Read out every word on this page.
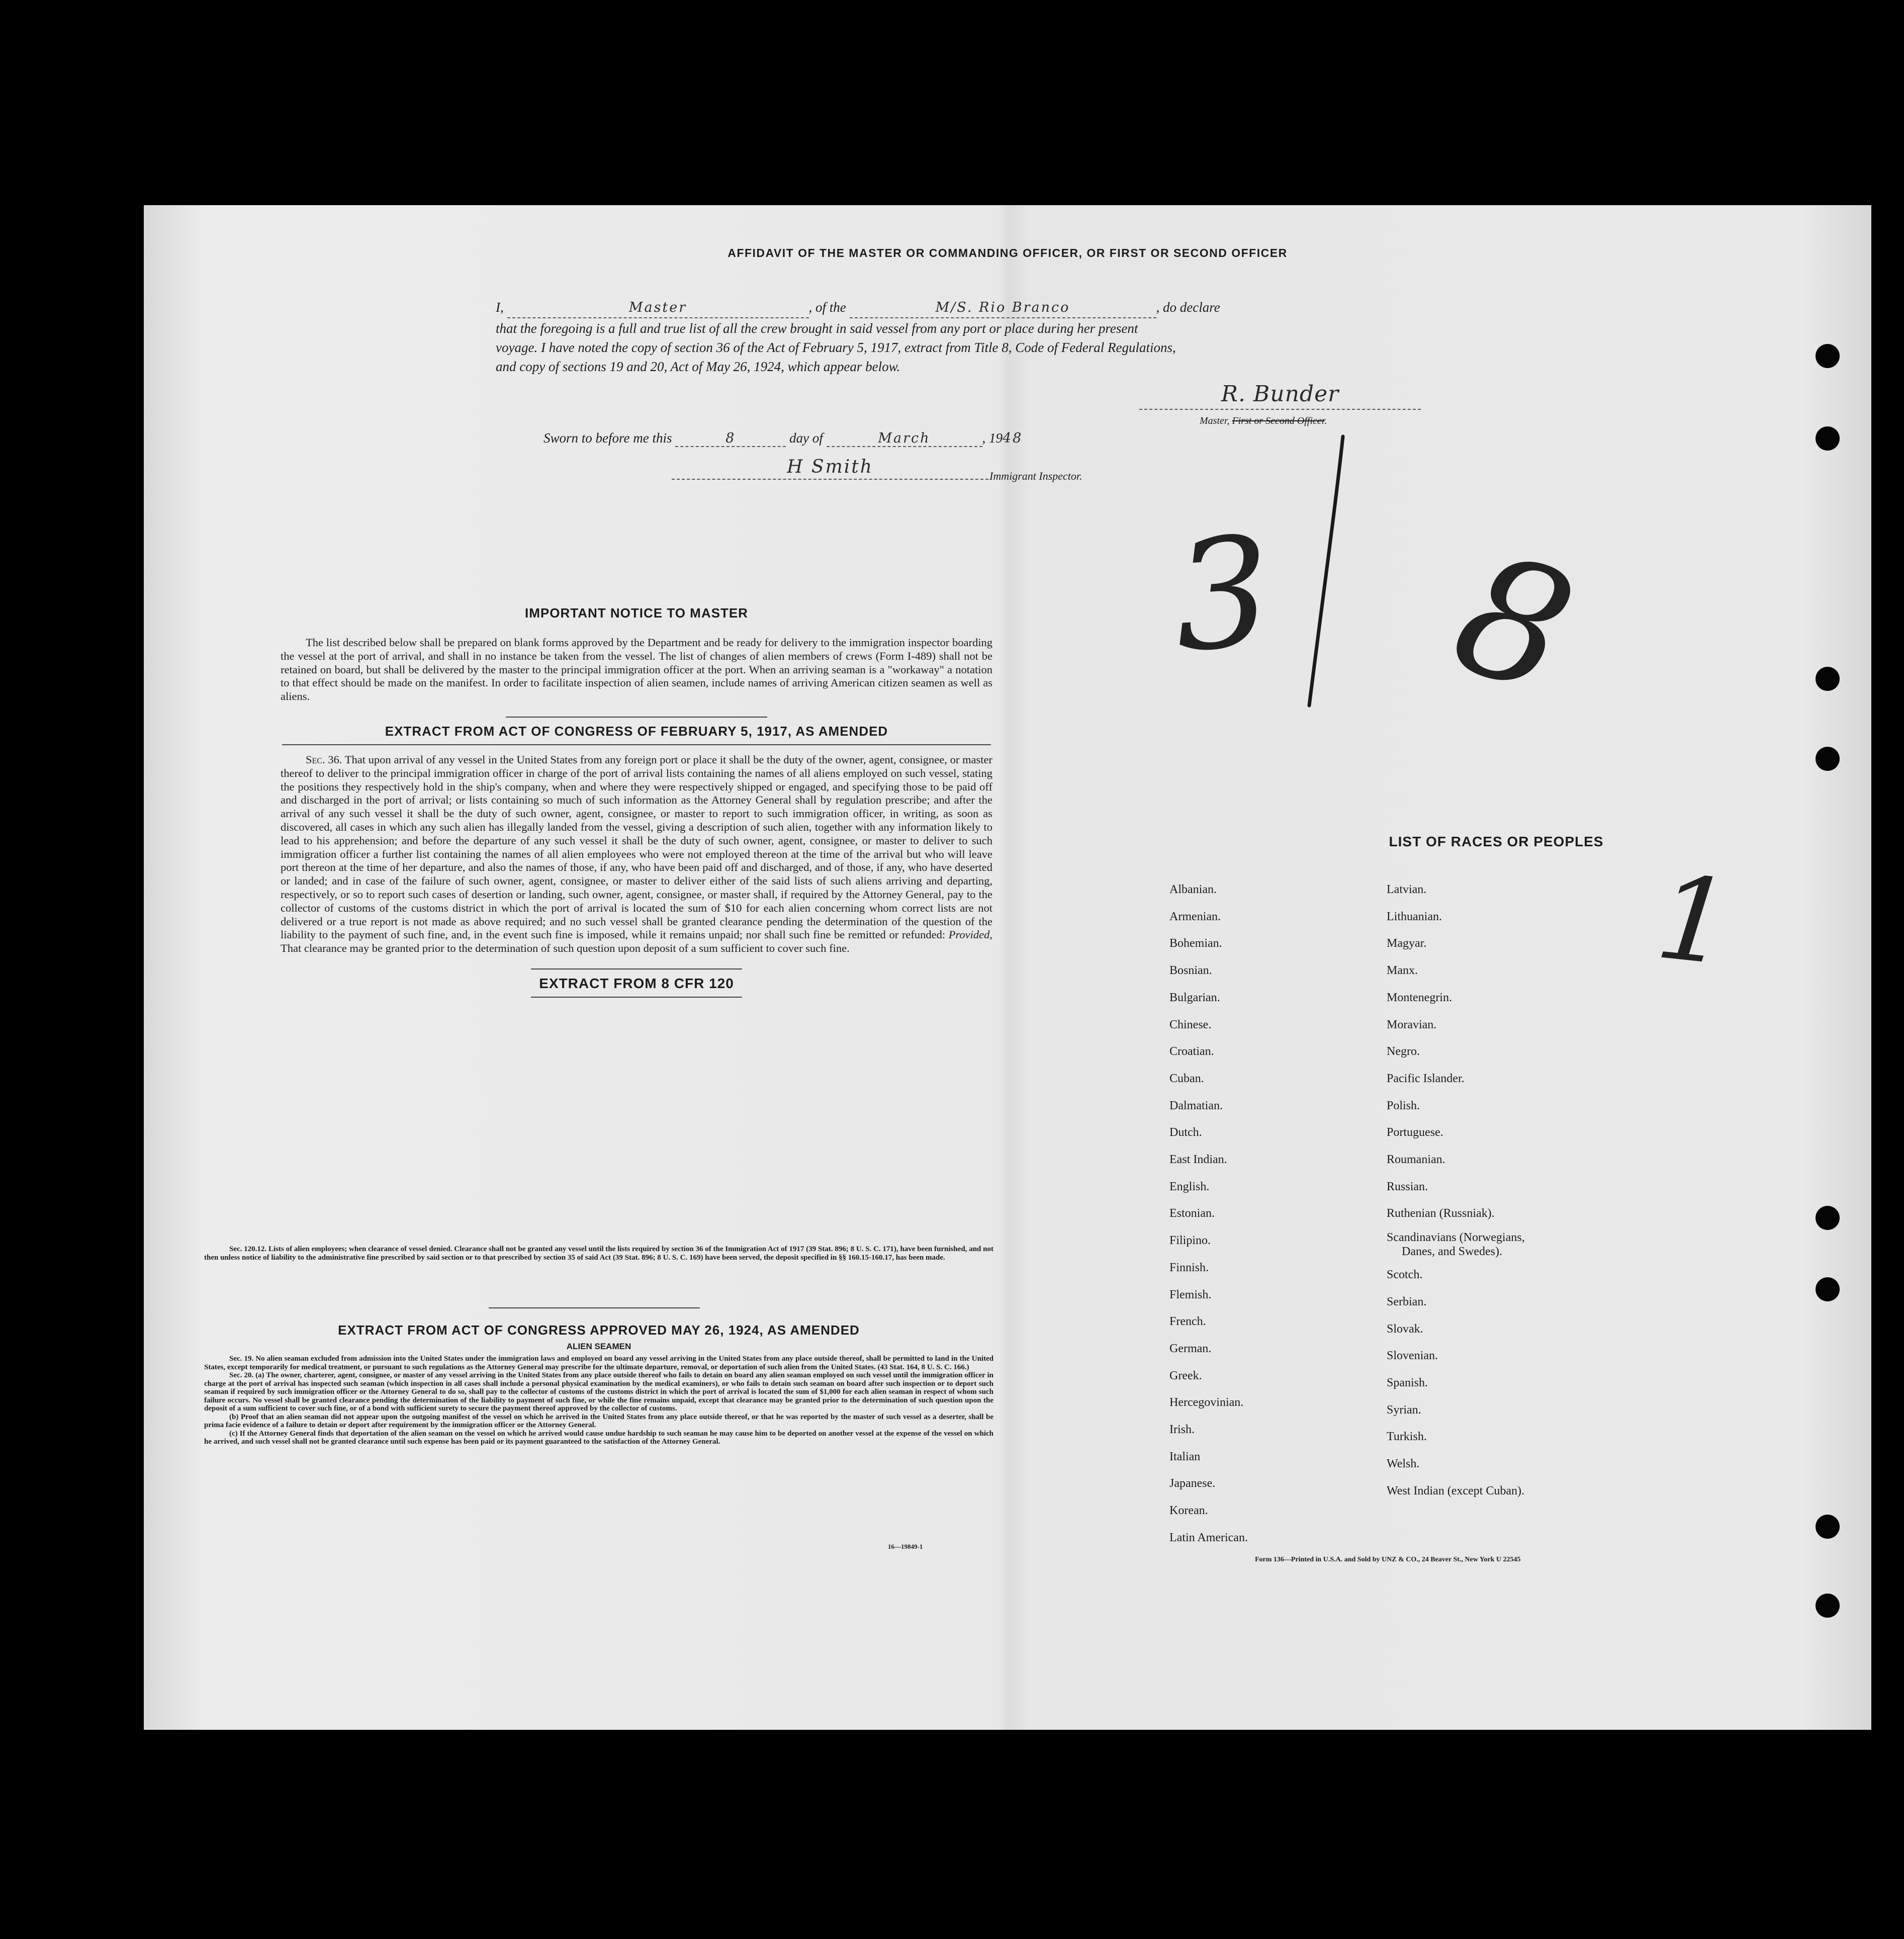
AFFIDAVIT OF THE MASTER OR COMMANDING OFFICER, OR FIRST OR SECOND OFFICER
I,	Master	, of the	M/S. Rio Branco	, do declare
that the foregoing is a full and true list of all the crew brought in said vessel from any port or place during her present
voyage. I have noted the copy of section 36 of the Act of February 5, 1917, extract from Title 8, Code of Federal Regulations,
and copy of sections 19 and 20, Act of May 26, 1924, which appear below.
R. Bunder
Master, First or Second Officer.
Sworn to before me this	8	day of	March	, 1948
H Smith	Immigrant Inspector.
3 8
1
IMPORTANT NOTICE TO MASTER
The list described below shall be prepared on blank forms approved by the Department and be ready for delivery to the immigration inspector boarding the vessel at the port of arrival, and shall in no instance be taken from the vessel. The list of changes of alien members of crews (Form I-489) shall not be retained on board, but shall be delivered by the master to the principal immigration officer at the port. When an arriving seaman is a "workaway" a notation to that effect should be made on the manifest. In order to facilitate inspection of alien seamen, include names of arriving American citizen seamen as well as aliens.
EXTRACT FROM ACT OF CONGRESS OF FEBRUARY 5, 1917, AS AMENDED
Sec. 36. That upon arrival of any vessel in the United States from any foreign port or place it shall be the duty of the owner, agent, consignee, or master thereof to deliver to the principal immigration officer in charge of the port of arrival lists containing the names of all aliens employed on such vessel, stating the positions they respectively hold in the ship's company, when and where they were respectively shipped or engaged, and specifying those to be paid off and discharged in the port of arrival; or lists containing so much of such information as the Attorney General shall by regulation prescribe; and after the arrival of any such vessel it shall be the duty of such owner, agent, consignee, or master to report to such immigration officer, in writing, as soon as discovered, all cases in which any such alien has illegally landed from the vessel, giving a description of such alien, together with any information likely to lead to his apprehension; and before the departure of any such vessel it shall be the duty of such owner, agent, consignee, or master to deliver to such immigration officer a further list containing the names of all alien employees who were not employed thereon at the time of the arrival but who will leave port thereon at the time of her departure, and also the names of those, if any, who have been paid off and discharged, and of those, if any, who have deserted or landed; and in case of the failure of such owner, agent, consignee, or master to deliver either of the said lists of such aliens arriving and departing, respectively, or so to report such cases of desertion or landing, such owner, agent, consignee, or master shall, if required by the Attorney General, pay to the collector of customs of the customs district in which the port of arrival is located the sum of $10 for each alien concerning whom correct lists are not delivered or a true report is not made as above required; and no such vessel shall be granted clearance pending the determination of the question of the liability to the payment of such fine, and, in the event such fine is imposed, while it remains unpaid; nor shall such fine be remitted or refunded: Provided, That clearance may be granted prior to the determination of such question upon deposit of a sum sufficient to cover such fine.
EXTRACT FROM 8 CFR 120
Sec. 120.12. Lists of alien employees; when clearance of vessel denied. Clearance shall not be granted any vessel until the lists required by section 36 of the Immigration Act of 1917 (39 Stat. 896; 8 U. S. C. 171), have been furnished, and not then unless notice of liability to the administrative fine prescribed by said section or to that prescribed by section 35 of said Act (39 Stat. 896; 8 U. S. C. 169) have been served, the deposit specified in §§ 160.15-160.17, has been made.
EXTRACT FROM ACT OF CONGRESS APPROVED MAY 26, 1924, AS AMENDED
ALIEN SEAMEN
Sec. 19. No alien seaman excluded from admission into the United States under the immigration laws and employed on board any vessel arriving in the United States from any place outside thereof, shall be permitted to land in the United States, except temporarily for medical treatment, or pursuant to such regulations as the Attorney General may prescribe for the ultimate departure, removal, or deportation of such alien from the United States. (43 Stat. 164, 8 U. S. C. 166.)
Sec. 20. (a) The owner, charterer, agent, consignee, or master of any vessel arriving in the United States from any place outside thereof who fails to detain on board any alien seaman employed on such vessel until the immigration officer in charge at the port of arrival has inspected such seaman (which inspection in all cases shall include a personal physical examination by the medical examiners), or who fails to detain such seaman on board after such inspection or to deport such seaman if required by such immigration officer or the Attorney General to do so, shall pay to the collector of customs of the customs district in which the port of arrival is located the sum of $1,000 for each alien seaman in respect of whom such failure occurs. No vessel shall be granted clearance pending the determination of the liability to payment of such fine, or while the fine remains unpaid, except that clearance may be granted prior to the determination of such question upon the deposit of a sum sufficient to cover such fine, or of a bond with sufficient surety to secure the payment thereof approved by the collector of customs.
(b) Proof that an alien seaman did not appear upon the outgoing manifest of the vessel on which he arrived in the United States from any place outside thereof, or that he was reported by the master of such vessel as a deserter, shall be prima facie evidence of a failure to detain or deport after requirement by the immigration officer or the Attorney General.
(c) If the Attorney General finds that deportation of the alien seaman on the vessel on which he arrived would cause undue hardship to such seaman he may cause him to be deported on another vessel at the expense of the vessel on which he arrived, and such vessel shall not be granted clearance until such expense has been paid or its payment guaranteed to the satisfaction of the Attorney General.
16—19849-1
LIST OF RACES OR PEOPLES
Albanian.
Armenian.
Bohemian.
Bosnian.
Bulgarian.
Chinese.
Croatian.
Cuban.
Dalmatian.
Dutch.
East Indian.
English.
Estonian.
Filipino.
Finnish.
Flemish.
French.
German.
Greek.
Hercegovinian.
Irish.
Italian
Japanese.
Korean.
Latin American.
Latvian.
Lithuanian.
Magyar.
Manx.
Montenegrin.
Moravian.
Negro.
Pacific Islander.
Polish.
Portuguese.
Roumanian.
Russian.
Ruthenian (Russniak).
Scandinavians (Norwegians,
Danes, and Swedes).
Scotch.
Serbian.
Slovak.
Slovenian.
Spanish.
Syrian.
Turkish.
Welsh.
West Indian (except Cuban).
Form 136—Printed in U.S.A. and Sold by UNZ & CO., 24 Beaver St., New York U 22545
